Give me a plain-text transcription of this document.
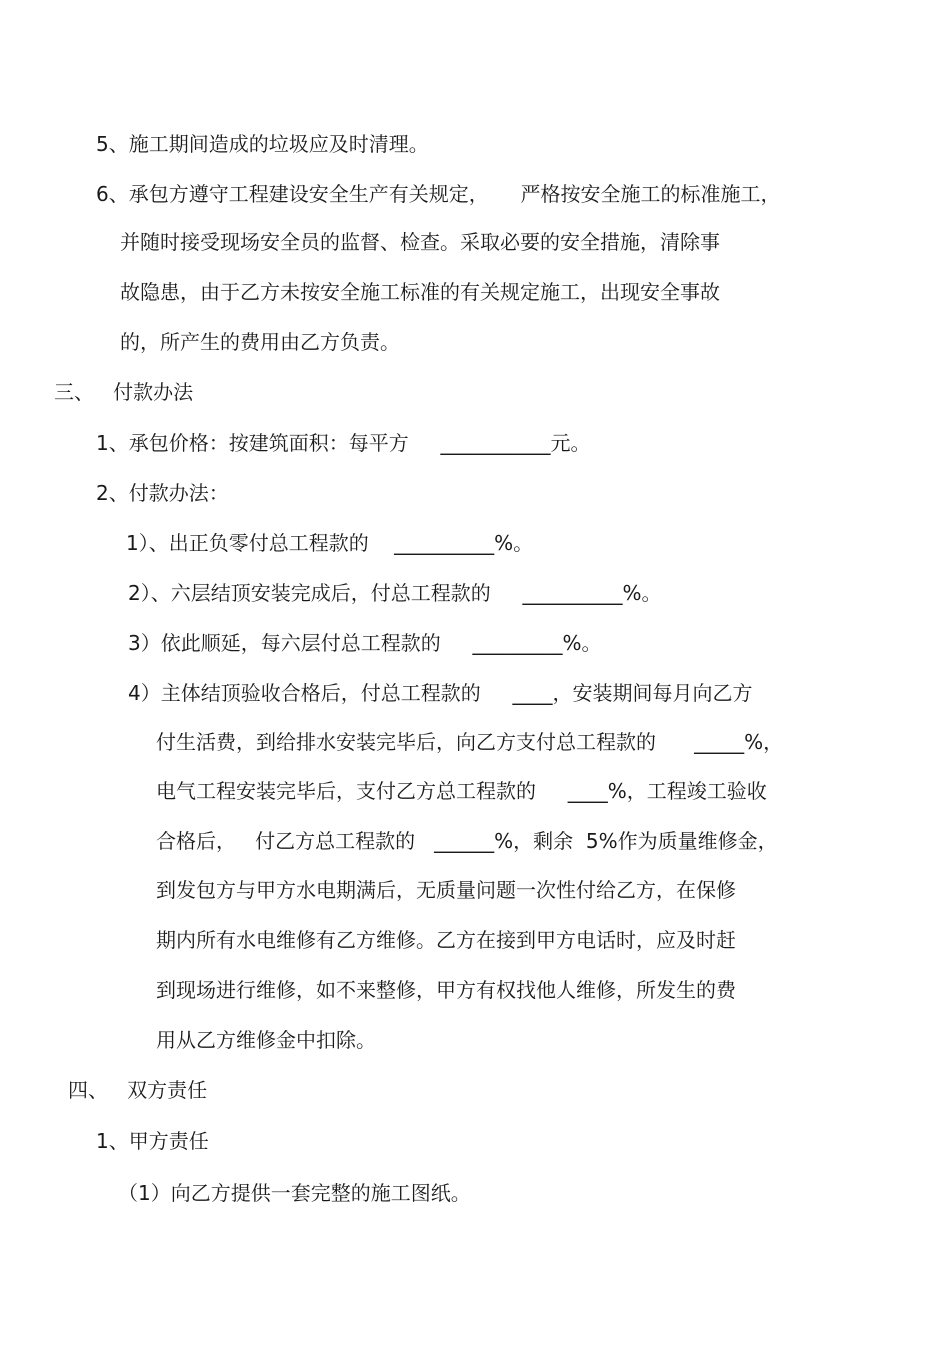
5、施工期间造成的垃圾应及时清理。
6、承包方遵守工程建设安全生产有关规定，     严格按安全施工的标准施工，
并随时接受现场安全员的监督、检查。采取必要的安全措施，清除事
故隐患，由于乙方未按安全施工标准的有关规定施工，出现安全事故
的，所产生的费用由乙方负责。
三、   付款办法
1、承包价格：按建筑面积：每平方     ___________元。
2、付款办法：
1）、出正负零付总工程款的    __________%。
2）、六层结顶安装完成后，付总工程款的     __________%。
3）依此顺延，每六层付总工程款的     _________%。
4）主体结顶验收合格后，付总工程款的     ____，安装期间每月向乙方
付生活费，到给排水安装完毕后，向乙方支付总工程款的      _____%，
电气工程安装完毕后，支付乙方总工程款的     ____%，工程竣工验收
合格后，   付乙方总工程款的   ______%，剩余  5%作为质量维修金，
到发包方与甲方水电期满后，无质量问题一次性付给乙方，在保修
期内所有水电维修有乙方维修。乙方在接到甲方电话时，应及时赶
到现场进行维修，如不来整修，甲方有权找他人维修，所发生的费
用从乙方维修金中扣除。
四、   双方责任
1、甲方责任
（1）向乙方提供一套完整的施工图纸。
